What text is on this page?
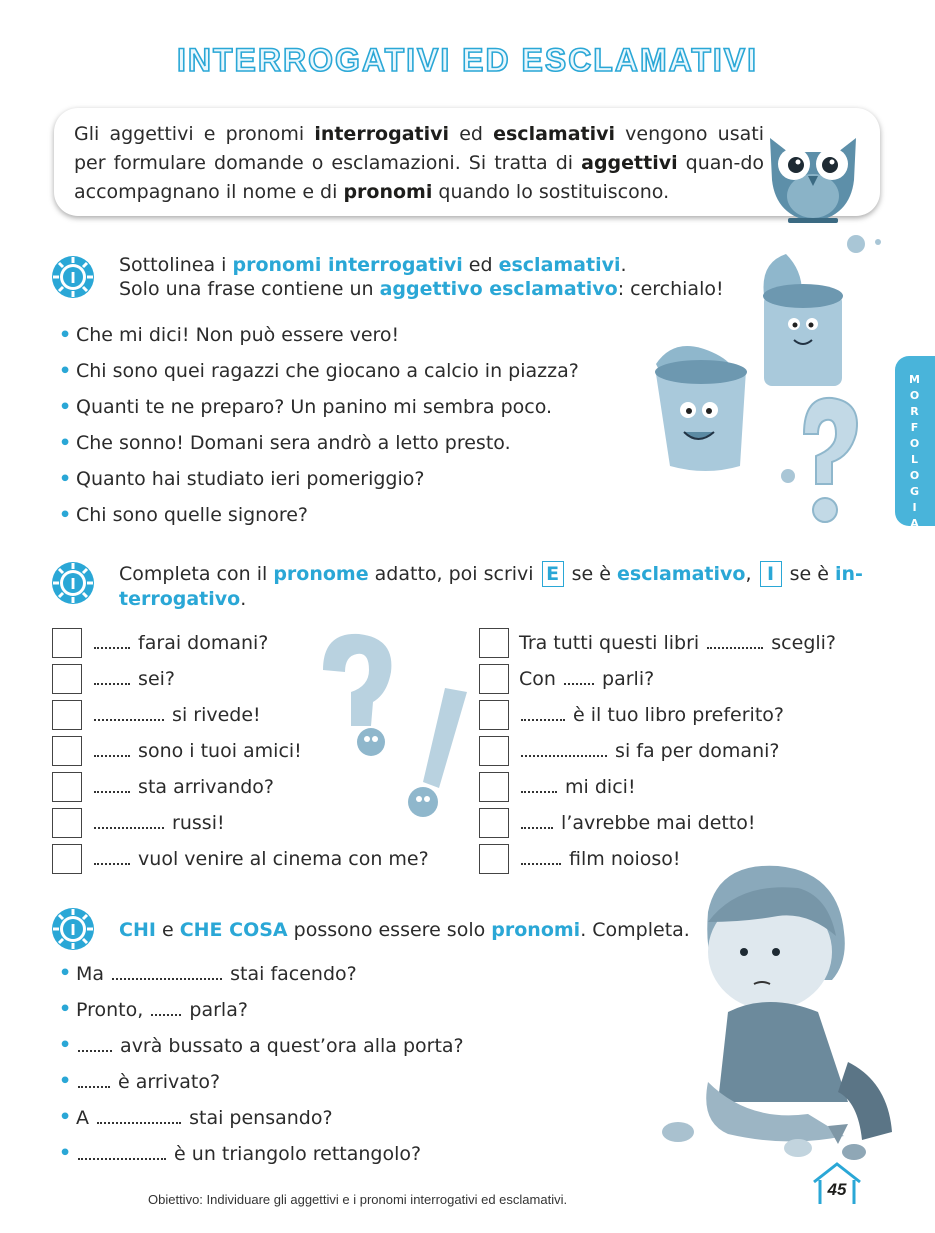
INTERROGATIVI ED ESCLAMATIVI
Gli aggettivi e pronomi interrogativi ed esclamativi vengono usati per formulare domande o esclamazioni. Si tratta di aggettivi quan-do accompagnano il nome e di pronomi quando lo sostituiscono.
I
Sottolinea i pronomi interrogativi ed esclamativi.
Solo una frase contiene un aggettivo esclamativo: cerchialo!
• Che mi dici! Non può essere vero!
• Chi sono quei ragazzi che giocano a calcio in piazza?
• Quanti te ne preparo? Un panino mi sembra poco.
• Che sonno! Domani sera andrò a letto presto.
• Quanto hai studiato ieri pomeriggio?
• Chi sono quelle signore?
MORFOLOGIA
I Completa con il pronome adatto, poi scrivi E se è esclamativo, I se è in-
terrogativo.
farai domani?
sei?
si rivede!
sono i tuoi amici!
sta arrivando?
russi!
vuol venire al cinema con me?
Tra tutti questi libri	scegli?
Con parli?
è il tuo libro preferito?
si fa per domani?
mi dici!
l’avrebbe mai detto!
film noioso!
I CHI e CHE COSA possono essere solo pronomi. Completa.
• Ma	stai facendo?
• Pronto, parla?
• avrà bussato a quest’ora alla porta?
• è arrivato?
• A	stai pensando?
• è un triangolo rettangolo?
Obiettivo: Individuare gli aggettivi e i pronomi interrogativi ed esclamativi.
45
